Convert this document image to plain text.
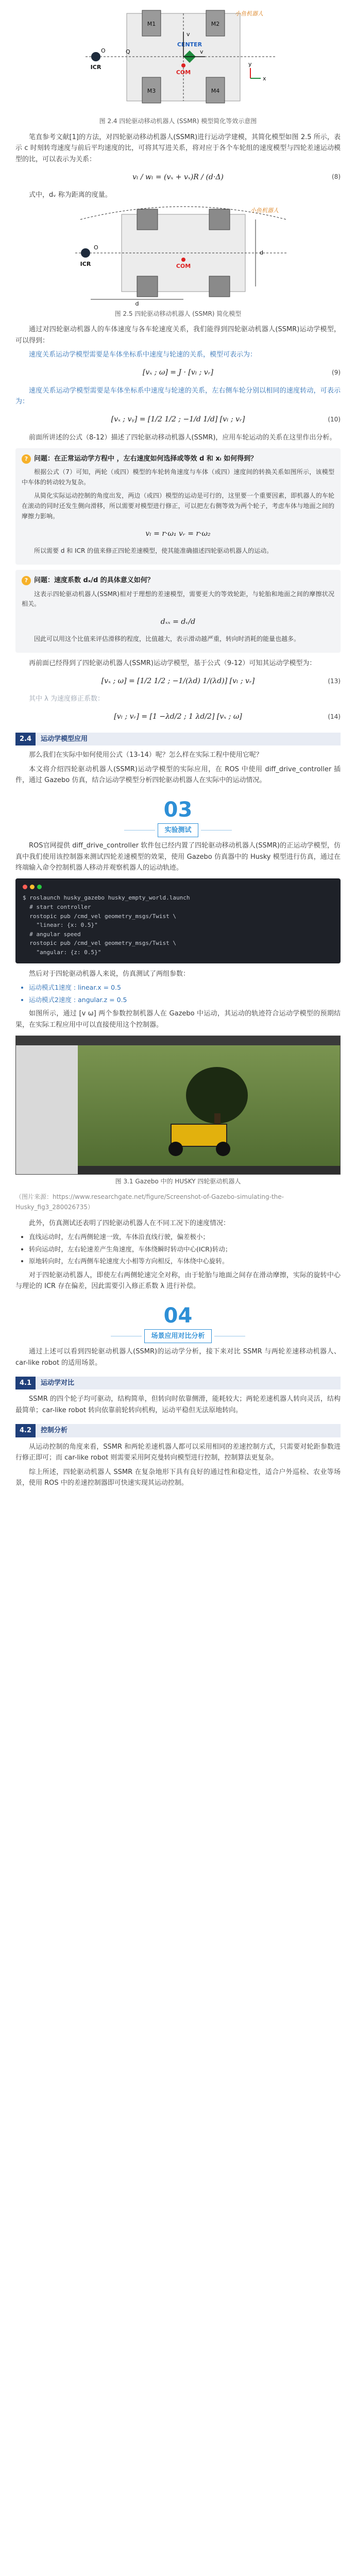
M1	M2
M3	M4
ICR
O	Q
CENTER
COM
v
v
x
y
小鱼机器人
图 2.4 四轮驱动移动机器人 (SSMR) 模型简化等效示意图

笔直参考文献[1]的方法，对四轮驱动移动机器人(SSMR)进行运动学建模，其简化模型如图 2.5 所示，表示 c 时刻转弯速度与前后平均速度的比，可将其写进关系，将对应于各个车轮组的速度模型与四轮差速运动模型的比，可以表示为关系：

vₗ / wₗ = (vₓ + vₓ)R / (d·Δ)	(8)

式中，dᵥ 称为距离的度量。

ICR
O
COM
d
d
小鱼机器人
图 2.5 四轮驱动移动机器人 (SSMR) 简化模型

通过对四轮驱动机器人的车体速度与各车轮速度关系，我们能得到四轮驱动机器人(SSMR)运动学模型，可以得到：

速度关系运动学模型需要是车体坐标系中速度与轮速的关系，模型可表示为：

[vₓ ; ω] = J · [vₗ ; vᵣ]	(9)

速度关系运动学模型需要是车体坐标系中速度与轮速的关系，左右侧车轮分别以相同的速度转动，可表示为：

[vₓ ; vᵧ] = [1/2 1/2 ; −1/d 1/d] [vₗ ; vᵣ]	(10)

前面所讲述的公式（8-12）描述了四轮驱动移动机器人(SSMR)，应用车轮运动的关系在这里作出分析。

? 问题：在正常运动学方程中 ，左右速度如何选择或等效 d 和 xₗ 如何得到？

根据公式（7）可知，两轮（或四）模型的车轮转角速度与车体（或四）速度间的转换关系如图所示，该模型中车体的转动较为复杂。

从简化实际运动控制的角度出发，两边（或四）模型的运动是可行的，这里要一个重要因素，即机器人的车轮在滚动的同时还发生侧向滑移，所以需要对模型进行修正，可以把左右侧等效为两个轮子，考虑车体与地面之间的摩擦力影响。

vₗ = r·ω₁ vᵣ = r·ω₂

所以需要 d 和 ICR 的值来修正四轮差速模型，使其能准确描述四轮驱动机器人的运动。

? 问题：速度系数 dₓ/d 的具体意义如何？

这表示四轮驱动机器人(SSMR)相对于理想的差速模型，需要更大的等效轮距，与轮胎和地面之间的摩擦状况相关。

dₓₓ = dᵥ/d

因此可以用这个比值来评估滑移的程度，比值越大，表示滑动越严重，转向时消耗的能量也越多。

再前面已经得到了四轮驱动机器人(SSMR)运动学模型，基于公式（9-12）可知其运动学模型为：

[vₓ ; ω] = [1/2 1/2 ; −1/(λd) 1/(λd)] [vₗ ; vᵣ]	(13)

其中 λ 为速度修正系数：

[vₗ ; vᵣ] = [1 −λd/2 ; 1 λd/2] [vₓ ; ω]	(14)
2.4	运动学模型应用

那么我们在实际中如何使用公式（13-14）呢？怎么样在实际工程中使用它呢？

本文将介绍四轮驱动机器人(SSMR)运动学模型的实际应用，在 ROS 中使用 diff_drive_controller 插件，通过 Gazebo 仿真，结合运动学模型分析四轮驱动机器人在实际中的运动情况。

03
实验测试

ROS官网提供 diff_drive_controller 软件包已经内置了四轮驱动移动机器人(SSMR)的正运动学模型，仿真中我们使用该控制器来测试四轮差速模型的效果，使用 Gazebo 仿真器中的 Husky 模型进行仿真，通过在终端输入命令控制机器人移动并观察机器人的运动轨迹。

$ roslaunch husky_gazebo husky_empty_world.launch
# start controller
rostopic pub /cmd_vel geometry_msgs/Twist \
"linear: {x: 0.5}"
# angular speed
rostopic pub /cmd_vel geometry_msgs/Twist \
"angular: {z: 0.5}"

然后对于四轮驱动机器人来说，仿真测试了两组参数：

• 运动模式1速度 : linear.x = 0.5
• 运动模式2速度 : angular.z = 0.5

如图所示，通过 [v ω] 两个参数控制机器人在 Gazebo 中运动，其运动的轨迹符合运动学模型的预期结果，在实际工程应用中可以直接使用这个控制器。

图 3.1 Gazebo 中的 HUSKY 四轮驱动机器人
（图片来源：https://www.researchgate.net/figure/Screenshot-of-Gazebo-simulating-the-Husky_fig3_280026735）

此外，仿真测试还表明了四轮驱动机器人在不同工况下的速度情况：

• 直线运动时，左右两侧轮速一致，车体沿直线行驶，偏差极小；
• 转向运动时，左右轮速差产生角速度，车体绕瞬时转动中心(ICR)转动；
• 原地转向时，左右两侧车轮速度大小相等方向相反，车体绕中心旋转。

对于四轮驱动机器人，即使左右两侧轮速完全对称，由于轮胎与地面之间存在滑动摩擦，实际的旋转中心与理论的 ICR 存在偏差，因此需要引入修正系数 λ 进行补偿。

04
场景应用对比分析

通过上述可以看到四轮驱动机器人(SSMR)的运动学分析，接下来对比 SSMR 与两轮差速移动机器人、car-like robot 的适用场景。

4.1	运动学对比

SSMR 的四个轮子均可驱动，结构简单，但转向时依靠侧滑，能耗较大；两轮差速机器人转向灵活，结构最简单；car-like robot 转向依靠前轮转向机构，运动平稳但无法原地转向。

4.2	控制分析

从运动控制的角度来看，SSMR 和两轮差速机器人都可以采用相同的差速控制方式，只需要对轮距参数进行修正即可；而 car-like robot 则需要采用阿克曼转向模型进行控制，控制算法更复杂。

综上所述，四轮驱动机器人 SSMR 在复杂地形下具有良好的通过性和稳定性，适合户外巡检、农业等场景，使用 ROS 中的差速控制器即可快速实现其运动控制。
